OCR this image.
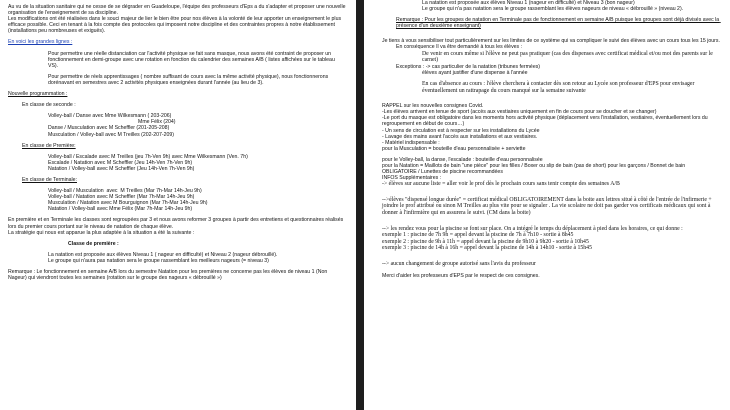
Au vu de la situation sanitaire qui ne cesse de se dégrader en Guadeloupe, l'équipe des professeurs d'Eps a du s'adapter et proposer une nouvelle organisation de l'enseignement de sa discipline.
Les modifications ont été réalisées dans le souci majeur de lier le bien être pour nos élèves à la volonté de leur apporter un enseignement le plus efficace possible. Ceci en tenant à la fois compte des protocoles qui imposent notre discipline et des contraintes propres à notre établissement (installations peu nombreuses et exiguës).

En voici les grandes lignes :

Pour permettre une réelle distanciation car l'activité physique se fait sans masque, nous avons été contraint de proposer un fonctionnement en demi-groupe avec une rotation en fonction du calendrier des semaines A/B ( listes affichées sur le tableau VS).

Pour permettre de réels apprentissages ( nombre suffisant de cours avec la même activité physique), nous fonctionnerons dorénavant en semestres avec 2 activités physiques enseignées durant l'année (au lieu de 3).

Nouvelle programmation :

En classe de seconde :

Volley-ball / Danse avec Mme Wilkesmann ( 203-206)

Mme Félix (204)

Danse / Musculation avec M Scheffler (201-205-208)

Musculation / Volley-ball avec M Treilles (202-207-209)

En classe de Première:

Volley-ball / Escalade avec M Treilles (jeu 7h-Ven 9h) avec Mme Wilkesmann (Ven. 7h)

Escalade / Natation avec M Scheffler (Jeu 14h-Ven 7h-Ven 9h)

Natation / Volley-ball avec M Scheffler (Jeu 14h-Ven 7h-Ven 9h)

En classe de Terminale:

Volley-ball / Musculation  avec  M Treilles (Mar 7h-Mar 14h-Jeu 9h)

Volley-ball / Natation avec M Scheffler (Mar 7h-Mar 14h-Jeu 9h)

Musculation / Natation avec M Bourguignon (Mar 7h-Mar 14h-Jeu 9h)

Natation / Volley-ball avec Mme Félix (Mar 7h-Mar 14h-Jeu 9h)

En première et en Terminale les classes sont regroupées par 3 et nous avons reformer 3 groupes à partir des entretiens et questionnaires réalisés lors du premier cours portant sur le niveau de natation de chaque élève.
La stratégie qui nous est apparue la plus adaptée à la situation a été la suivante :

Classe de première :

La natation est proposée aux élèves Niveau 1 ( nageur en difficulté) et Niveau 2 (nageur débrouillé).

Le groupe qui n'aura pas natation sera le groupe rassemblant les meilleurs nageurs (= niveau 3)

Remarque : Le fonctionnement en semaine A/B lors du semestre Natation pour les premières ne concerne pas les élèves de niveau 1 (Non Nageur) qui viendront toutes les semaines (rotation sur le groupe des nageurs « débrouillé »)

La natation est proposée aux élèves Niveau 1 (nageur en difficulté) et Niveau 3 (bon nageur)

Le groupe qui n'a pas natation sera le groupe rassemblant les élèves nageurs de niveau « débrouillé » (niveau 2).

Remarque : Pour les groupes de natation en Terminale pas de fonctionnement en semaine A/B puisque les groupes sont déjà divisés avec la présence d'un deuxième enseignant)

Je tiens à vous sensibiliser tout particulièrement sur les limites de ce système qui va compliquer le suivi des élèves avec un cours tous les 15 jours.

En conséquence Il va être demandé à tous les élèves :

De venir en cours même si l'élève ne peut pas pratiquer (cas des dispenses avec certificat médical et/ou mot des parents sur le carnet)

Exceptions : -> cas particulier de la natation (tribunes fermées)

élèves ayant justifier d'une dispense à l'année

En cas d'absence au cours : l'élève cherchera à contacter dès son retour au Lycée son professeur d'EPS pour envisager éventuellement un rattrapage du cours manqué sur la semaine suivante

RAPPEL sur les nouvelles consignes Covid.

-Les élèves arrivent en tenue de sport (accès aux vestiaires uniquement en fin de cours pour se doucher et se changer)

-Le port du masque est obligatoire dans les moments hors activité physique (déplacement vers l'installation, vestiaires, éventuellement lors du regroupement en début de cours…)

- Un sens de circulation est à respecter sur les installations du Lycée

- Lavage des mains avant l'accès aux installations et aux vestiaires.

- Matériel indispensable :

pour la Musculation = bouteille d'eau personnalisée + serviette

pour le Volley-ball, la danse, l'escalade : bouteille d'eau personnalisée

pour la Natation = Maillots de bain "une pièce" pour les filles / Boxer ou slip de bain (pas de short) pour les garçons / Bonnet de bain OBLIGATOIRE / Lunettes de piscine recommandées

INFOS Supplémentaires :

-> élèves sur aucune liste = aller voir le prof dès le prochain cours sans tenir compte des semaines A/B

-->élèves "dispensé longue durée" = certificat médical OBLIGATOIREMENT dans la boite aux lettres situé à côté de l'entrée de l'infirmerie + joindre le prof attribué ou sinon M Treilles au plus vite pour se signaler . La vie scolaire ne doit pas garder vos certificats médicaux qui sont à donner à l'infirmière qui en assurera le suivi. (CM dans la boite)

--> les rendez vous pour la piscine se font sur place. On a intégré le temps du déplacement à pied dans les horaires, ce qui donne :

exemple 1 : piscine de 7h 9h = appel devant la piscine de 7h à 7h10 - sortie à 8h45

exemple 2 : piscine de 9h à 11h = appel devant la piscine de 9h10 à 9h20 - sortie à 10h45

exemple 3 : piscine de 14h à 16h = appel devant la piscine de 14h à 14h10 - sortie à 15h45

--> aucun changement de groupe autorisé sans l'avis du professeur

Merci d'aider les professeurs d'EPS par le respect de ces consignes.
